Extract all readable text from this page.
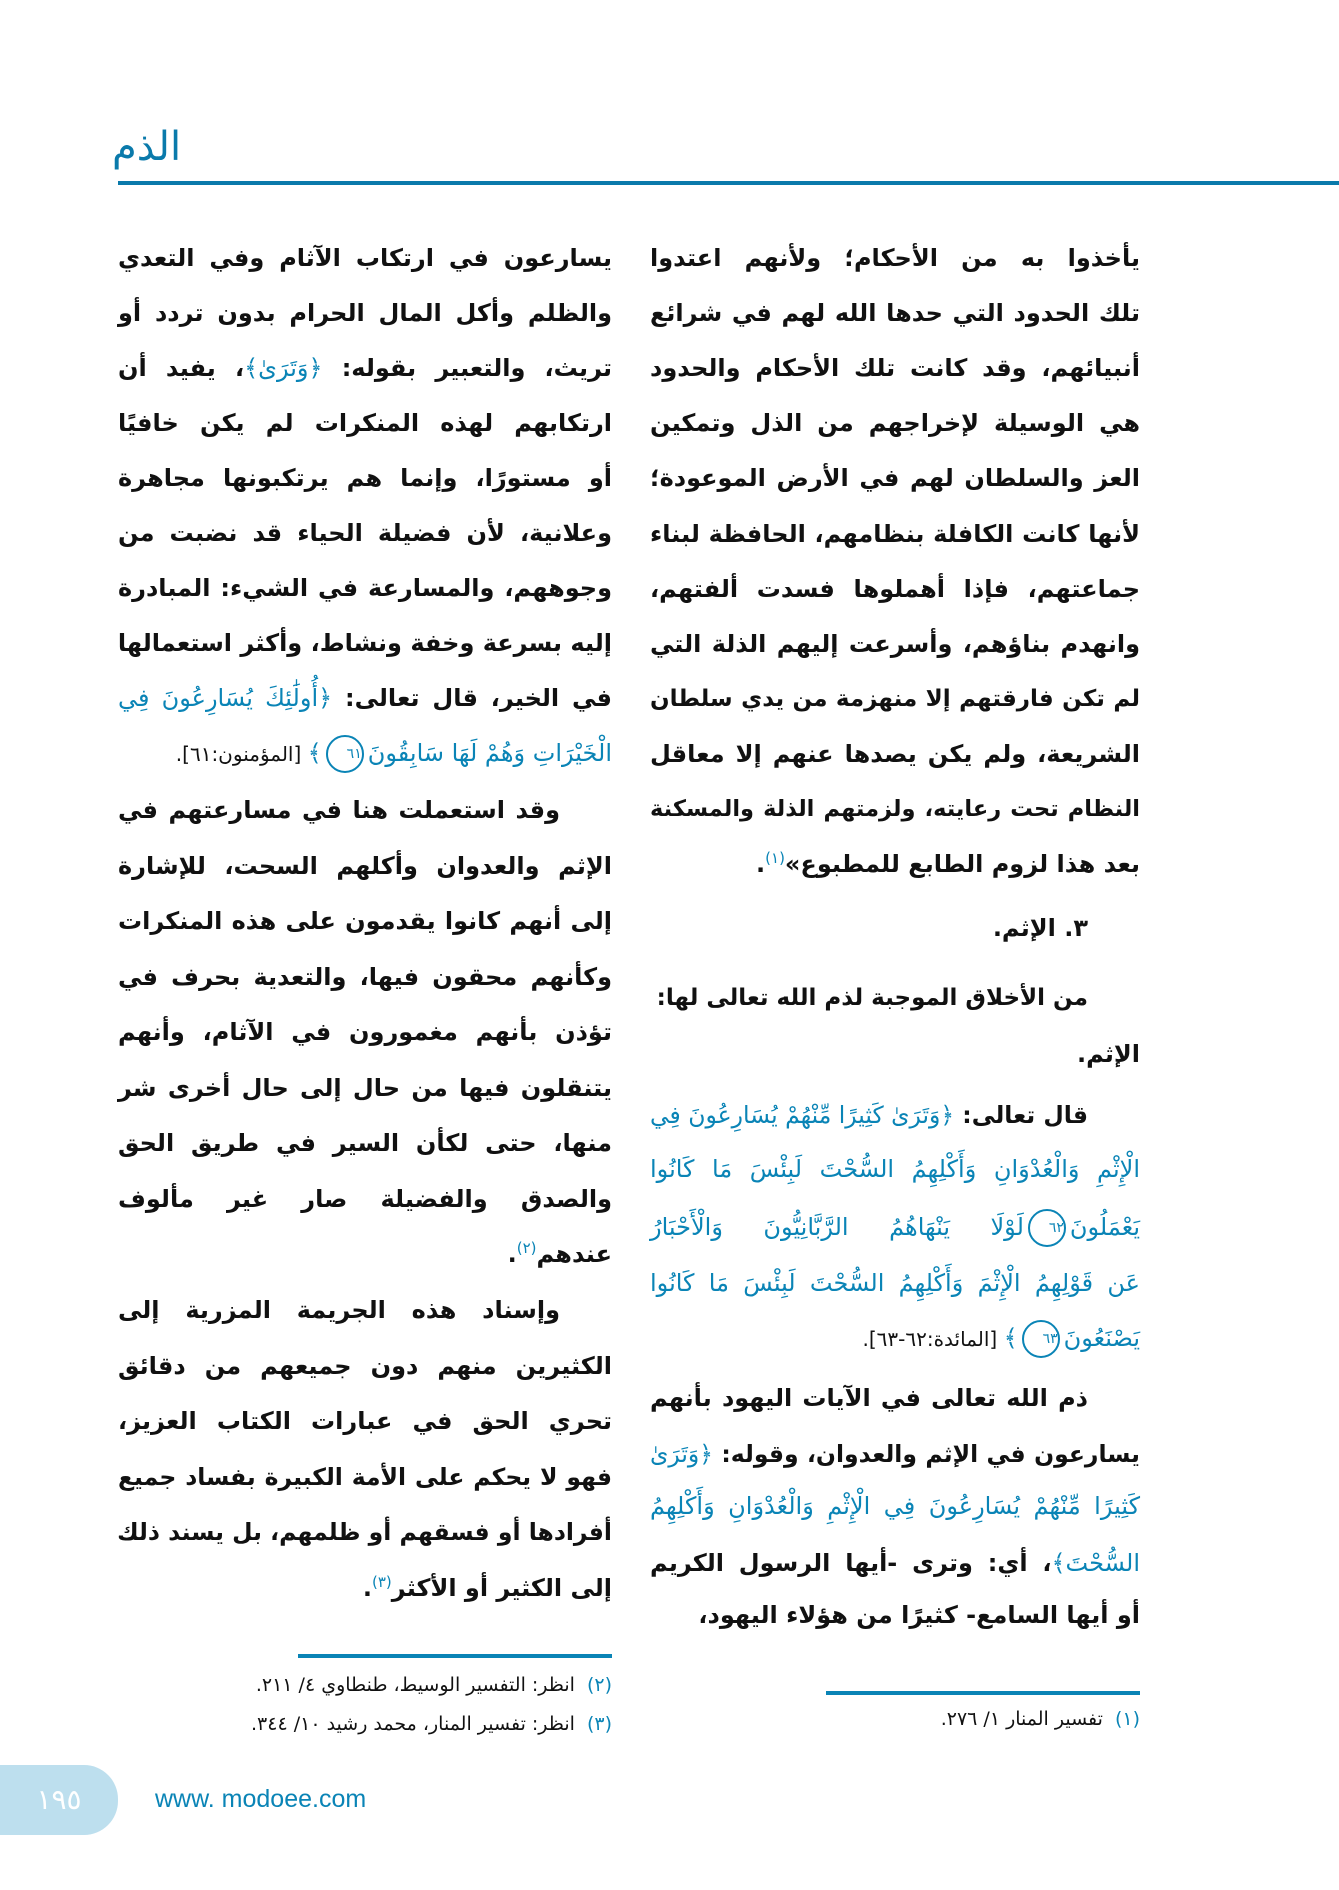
الذم
يأخذوا به من الأحكام؛ ولأنهم اعتدوا
تلك الحدود التي حدها الله لهم في شرائع
أنبيائهم، وقد كانت تلك الأحكام والحدود
هي الوسيلة لإخراجهم من الذل وتمكين
العز والسلطان لهم في الأرض الموعودة؛
لأنها كانت الكافلة بنظامهم، الحافظة لبناء
جماعتهم، فإذا أهملوها فسدت ألفتهم،
وانهدم بناؤهم، وأسرعت إليهم الذلة التي
لم تكن فارقتهم إلا منهزمة من يدي سلطان
الشريعة، ولم يكن يصدها عنهم إلا معاقل
النظام تحت رعايته، ولزمتهم الذلة والمسكنة
بعد هذا لزوم الطابع للمطبوع»$^{(١)}$.
٣. الإثم.
من الأخلاق الموجبة لذم الله تعالى لها:
الإثم.
قال تعالى: ﴿وَتَرَىٰ كَثِيرًا مِّنْهُمْ يُسَارِعُونَ فِي
الْإِثْمِ وَالْعُدْوَانِ وَأَكْلِهِمُ السُّحْتَ لَبِئْسَ مَا كَانُوا
يَعْمَلُونَ٦٢لَوْلَا يَنْهَاهُمُ الرَّبَّانِيُّونَ وَالْأَحْبَارُ
عَن قَوْلِهِمُ الْإِثْمَ وَأَكْلِهِمُ السُّحْتَ لَبِئْسَ مَا كَانُوا
يَصْنَعُونَ٦٣﴾ [المائدة:٦٢-٦٣].
ذم الله تعالى في الآيات اليهود بأنهم
يسارعون في الإثم والعدوان، وقوله: ﴿وَتَرَىٰ
كَثِيرًا مِّنْهُمْ يُسَارِعُونَ فِي الْإِثْمِ وَالْعُدْوَانِ وَأَكْلِهِمُ
السُّحْتَ﴾، أي: وترى -أيها الرسول الكريم
أو أيها السامع- كثيرًا من هؤلاء اليهود،
يسارعون في ارتكاب الآثام وفي التعدي
والظلم وأكل المال الحرام بدون تردد أو
تريث، والتعبير بقوله: ﴿وَتَرَىٰ﴾، يفيد أن
ارتكابهم لهذه المنكرات لم يكن خافيًا
أو مستورًا، وإنما هم يرتكبونها مجاهرة
وعلانية، لأن فضيلة الحياء قد نضبت من
وجوههم، والمسارعة في الشيء: المبادرة
إليه بسرعة وخفة ونشاط، وأكثر استعمالها
في الخير، قال تعالى: ﴿أُولَٰئِكَ يُسَارِعُونَ فِي
الْخَيْرَاتِ وَهُمْ لَهَا سَابِقُونَ٦١﴾ [المؤمنون:٦١].
وقد استعملت هنا في مسارعتهم في
الإثم والعدوان وأكلهم السحت، للإشارة
إلى أنهم كانوا يقدمون على هذه المنكرات
وكأنهم محقون فيها، والتعدية بحرف في
تؤذن بأنهم مغمورون في الآثام، وأنهم
يتنقلون فيها من حال إلى حال أخرى شر
منها، حتى لكأن السير في طريق الحق
والصدق والفضيلة صار غير مألوف
عندهم$^{(٢)}$.
وإسناد هذه الجريمة المزرية إلى
الكثيرين منهم دون جميعهم من دقائق
تحري الحق في عبارات الكتاب العزيز،
فهو لا يحكم على الأمة الكبيرة بفساد جميع
أفرادها أو فسقهم أو ظلمهم، بل يسند ذلك
إلى الكثير أو الأكثر$^{(٣)}$.
(١)تفسير المنار ١/ ٢٧٦.
(٢)انظر: التفسير الوسيط، طنطاوي ٤/ ٢١١.
(٣)انظر: تفسير المنار، محمد رشيد ١٠/ ٣٤٤.
١٩٥	www. modoee.com
